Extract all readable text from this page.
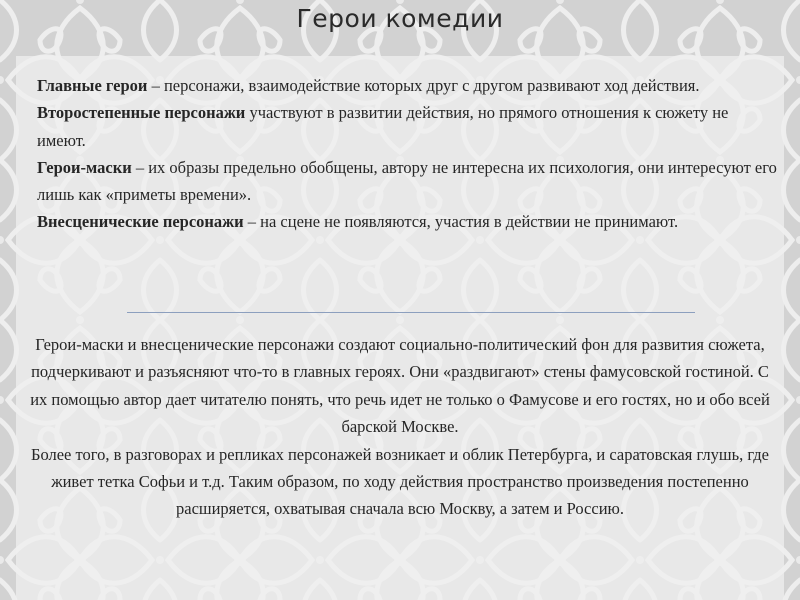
Герои комедии

Главные герои – персонажи, взаимодействие которых друг с другом развивают ход действия.

Второстепенные персонажи участвуют в развитии действия, но прямого отношения к сюжету не имеют.

Герои-маски – их образы предельно обобщены, автору не интересна их психология, они интересуют его лишь как «приметы времени».

Внесценические персонажи – на сцене не появляются, участия в действии не принимают.

Герои-маски и внесценические персонажи создают социально-политический фон для развития сюжета, подчеркивают и разъясняют что-то в главных героях. Они «раздвигают» стены фамусовской гостиной. С их помощью автор дает читателю понять, что речь идет не только о Фамусове и его гостях, но и обо всей барской Москве.

Более того, в разговорах и репликах персонажей возникает и облик Петербурга, и саратовская глушь, где живет тетка Софьи и т.д. Таким образом, по ходу действия пространство произведения постепенно расширяется, охватывая сначала всю Москву, а затем и Россию.
